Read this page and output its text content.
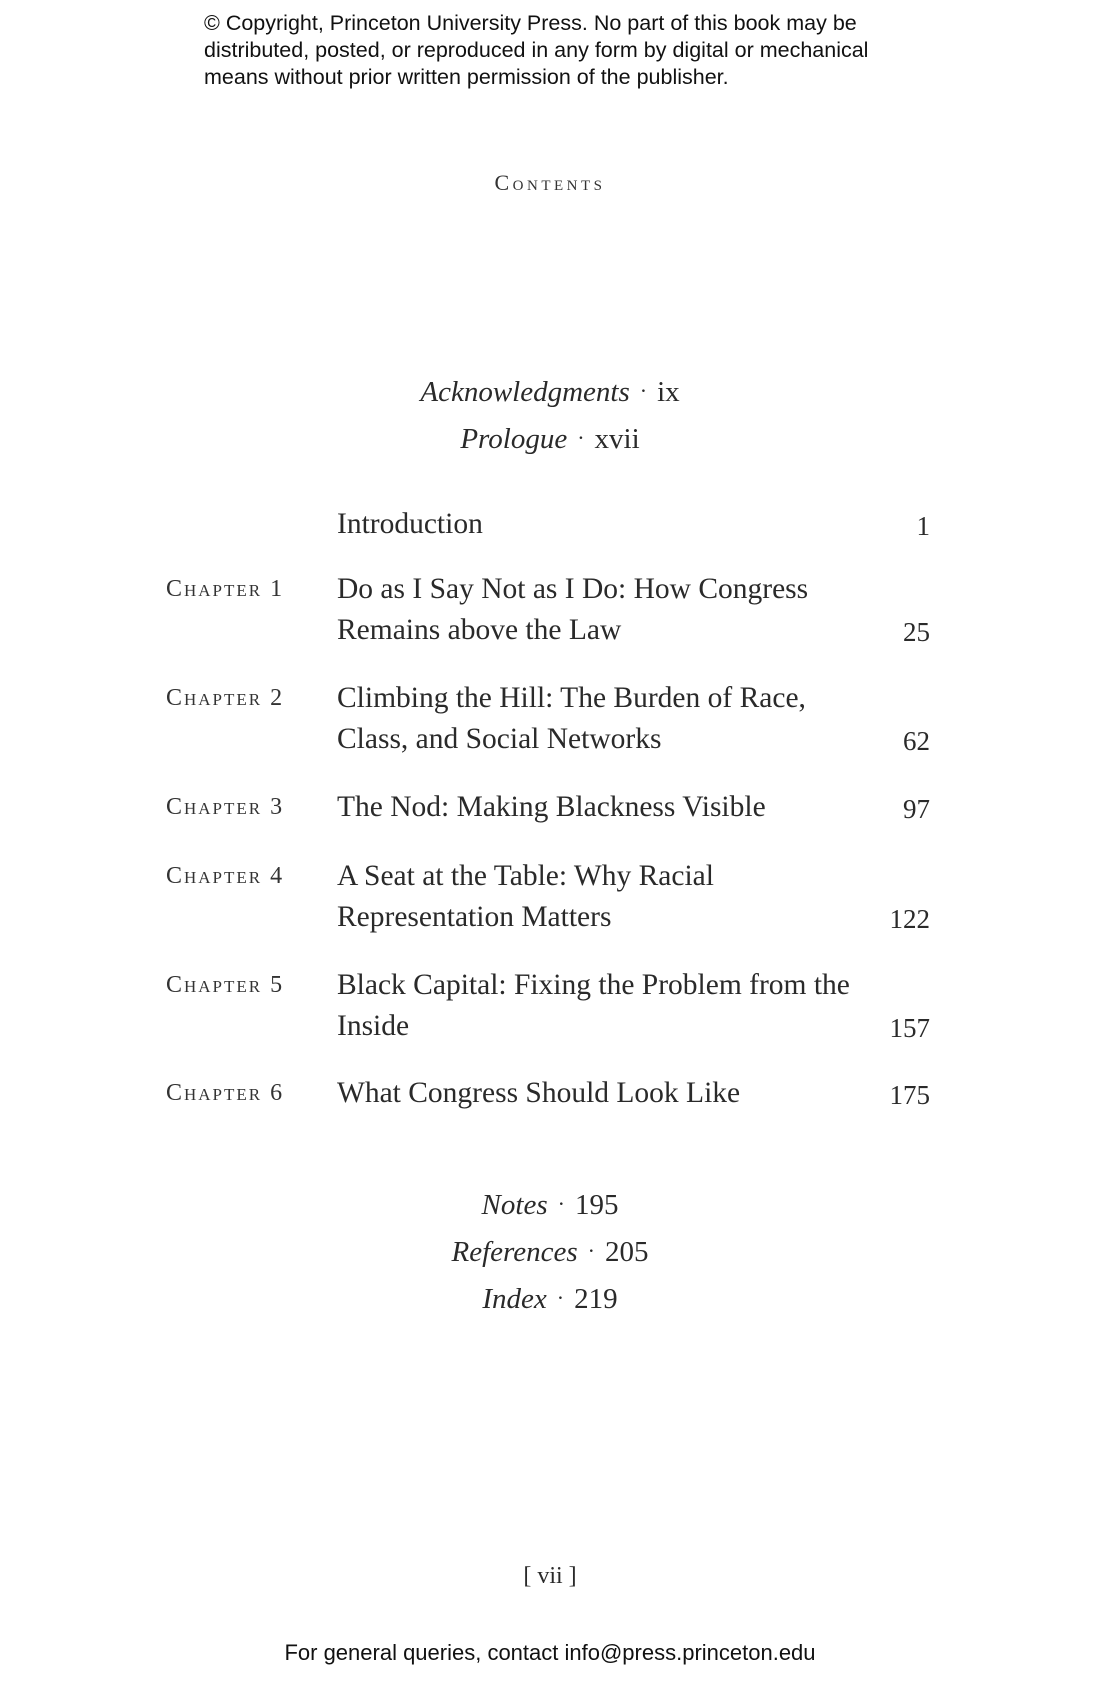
© Copyright, Princeton University Press. No part of this book may be
distributed, posted, or reproduced in any form by digital or mechanical
means without prior written permission of the publisher.
Contents
Acknowledgments · ix
Prologue · xvii
Introduction	1
Chapter 1 Do as I Say Not as I Do: How Congress Remains above the Law	25
Chapter 2 Climbing the Hill: The Burden of Race, Class, and Social Networks	62
Chapter 3 The Nod: Making Blackness Visible	97
Chapter 4 A Seat at the Table: Why Racial Representation Matters	122
Chapter 5 Black Capital: Fixing the Problem from the Inside	157
Chapter 6 What Congress Should Look Like	175
Notes · 195
References · 205
Index · 219
[ vii ]
For general queries, contact info@press.princeton.edu
